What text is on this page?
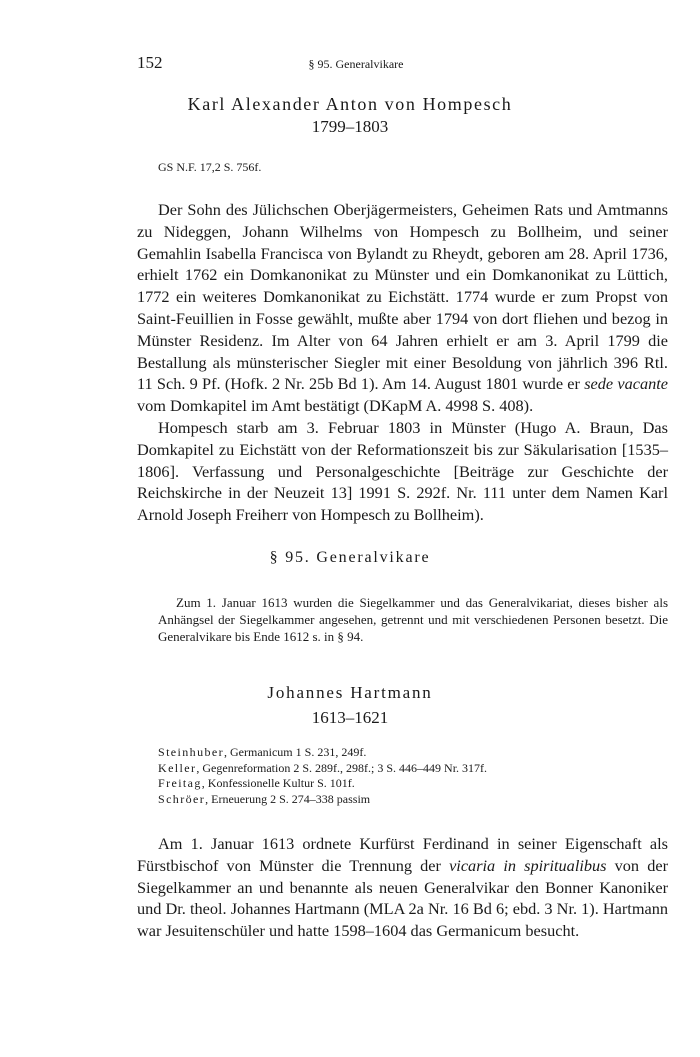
152	§ 95. Generalvikare
Karl Alexander Anton von Hompesch
1799–1803
GS N.F. 17,2 S. 756f.

Der Sohn des Jülichschen Oberjägermeisters, Geheimen Rats und Amtmanns zu Nideggen, Johann Wilhelms von Hompesch zu Bollheim, und seiner Gemahlin Isabella Francisca von Bylandt zu Rheydt, geboren am 28. April 1736, erhielt 1762 ein Domkanonikat zu Münster und ein Domkanonikat zu Lüttich, 1772 ein weiteres Domkanonikat zu Eichstätt. 1774 wurde er zum Propst von Saint-Feuillien in Fosse gewählt, mußte aber 1794 von dort fliehen und bezog in Münster Residenz. Im Alter von 64 Jahren erhielt er am 3. April 1799 die Bestallung als münsterischer Siegler mit einer Besoldung von jährlich 396 Rtl. 11 Sch. 9 Pf. (Hofk. 2 Nr. 25b Bd 1). Am 14. August 1801 wurde er sede vacante vom Domkapitel im Amt bestätigt (DKapM A. 4998 S. 408).

Hompesch starb am 3. Februar 1803 in Münster (Hugo A. Braun, Das Domkapitel zu Eichstätt von der Reformationszeit bis zur Säkularisation [1535–1806]. Verfassung und Personalgeschichte [Beiträge zur Geschichte der Reichskirche in der Neuzeit 13] 1991 S. 292f. Nr. 111 unter dem Namen Karl Arnold Joseph Freiherr von Hompesch zu Bollheim).

§ 95. Generalvikare

Zum 1. Januar 1613 wurden die Siegelkammer und das Generalvikariat, dieses bisher als Anhängsel der Siegelkammer angesehen, getrennt und mit verschiedenen Personen besetzt. Die Generalvikare bis Ende 1612 s. in § 94.

Johannes Hartmann
1613–1621
Steinhuber, Germanicum 1 S. 231, 249f.
Keller, Gegenreformation 2 S. 289f., 298f.; 3 S. 446–449 Nr. 317f.
Freitag, Konfessionelle Kultur S. 101f.
Schröer, Erneuerung 2 S. 274–338 passim

Am 1. Januar 1613 ordnete Kurfürst Ferdinand in seiner Eigenschaft als Fürstbischof von Münster die Trennung der vicaria in spiritualibus von der Siegelkammer an und benannte als neuen Generalvikar den Bonner Kanoniker und Dr. theol. Johannes Hartmann (MLA 2a Nr. 16 Bd 6; ebd. 3 Nr. 1). Hartmann war Jesuitenschüler und hatte 1598–1604 das Germanicum besucht.
